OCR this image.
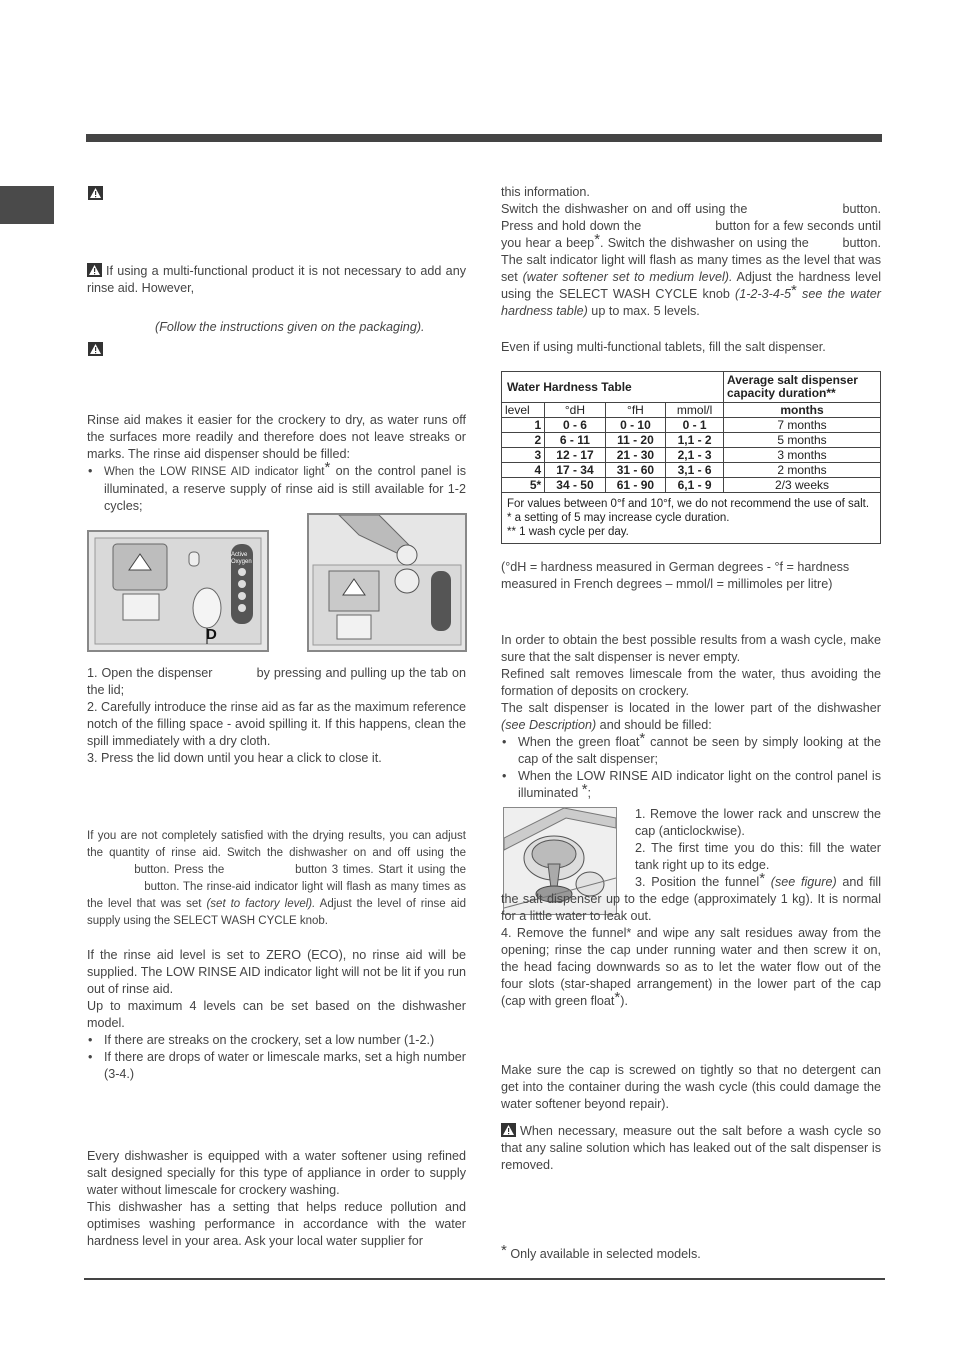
If using a multi-functional product it is not necessary to add any rinse aid. However,

(Follow the instructions given on the packaging).

Rinse aid makes it easier for the crockery to dry, as water runs off the surfaces more readily and therefore does not leave streaks or marks. The rinse aid dispenser should be filled:

• When the LOW RINSE AID indicator light* on the control panel is illuminated, a reserve supply of rinse aid is still available for 1-2 cycles;
D
Active Oxygen

1. Open the dispenser	by pressing and pulling up the tab on the lid;

2. Carefully introduce the rinse aid as far as the maximum reference notch of the filling space - avoid spilling it. If this happens, clean the spill immediately with a dry cloth.

3. Press the lid down until you hear a click to close it.

If you are not completely satisfied with the drying results, you can adjust the quantity of rinse aid. Switch the dishwasher on and off using the           button. Press the	button 3 times. Start it using the                button. The rinse-aid indicator light will flash as many times as the level that was set (set to factory level). Adjust the level of rinse aid supply using the SELECT WASH CYCLE knob.

If the rinse aid level is set to ZERO (ECO), no rinse aid will be supplied. The LOW RINSE AID indicator light will not be lit if you run out of rinse aid.

Up to maximum 4 levels can be set based on the dishwasher model.

• If there are streaks on the crockery, set a low number (1-2.)
• If there are drops of water or limescale marks, set a high number (3-4.)

Every dishwasher is equipped with a water softener using refined salt designed specially for this type of appliance in order to supply water without limescale for crockery washing.

This dishwasher has a setting that helps reduce pollution and optimises washing performance in accordance with the water hardness level in your area. Ask your local water supplier for

this information.

Switch the dishwasher on and off using the	button. Press and hold down the	button for a few seconds until you hear a beep*. Switch the dishwasher on using the	button. The salt indicator light will flash as many times as the level that was set (water softener set to medium level). Adjust the hardness level using the SELECT WASH CYCLE knob (1-2-3-4-5* see the water hardness table) up to max. 5 levels.

Even if using multi-functional tablets, fill the salt dispenser.

Water Hardness Table				Average salt dispenser capacity duration**
level	°dH	°fH	mmol/l	months
1	0 - 6	0 - 10	0 - 1	7 months
2	6 - 11	11 - 20	1,1 - 2	5 months
3	12 - 17	21 - 30	2,1 - 3	3 months
4	17 - 34	31 - 60	3,1 - 6	2 months
5*	34 - 50	61 - 90	6,1 - 9	2/3 weeks

For values between 0°f and 10°f, we do not recommend the use of salt.
* a setting of 5 may increase cycle duration.
** 1 wash cycle per day.				
(°dH = hardness measured in German degrees - °f = hardness measured in French degrees – mmol/l = millimoles per litre)

In order to obtain the best possible results from a wash cycle, make sure that the salt dispenser is never empty.

Refined salt removes limescale from the water, thus avoiding the formation of deposits on crockery.

The salt dispenser is located in the lower part of the dishwasher (see Description) and should be filled:

• When the green float* cannot be seen by simply looking at the cap of the salt dispenser;
• When the LOW RINSE AID indicator light on the control panel is illuminated *;

1. Remove the lower rack and unscrew the cap (anticlockwise).

2. The first time you do this: fill the water tank right up to its edge.

3. Position the funnel* (see figure) and fill the salt dispenser up to the edge (approximately 1 kg). It is normal for a little water to leak out.

4. Remove the funnel* and wipe any salt residues away from the opening; rinse the cap under running water and then screw it on, the head facing downwards so as to let the water flow out of the four slots (star-shaped arrangement) in the lower part of the cap (cap with green float*).

Make sure the cap is screwed on tightly so that no detergent can get into the container during the wash cycle (this could damage the water softener beyond repair).

When necessary, measure out the salt before a wash cycle so that any saline solution which has leaked out of the salt dispenser is removed.

* Only available in selected models.
